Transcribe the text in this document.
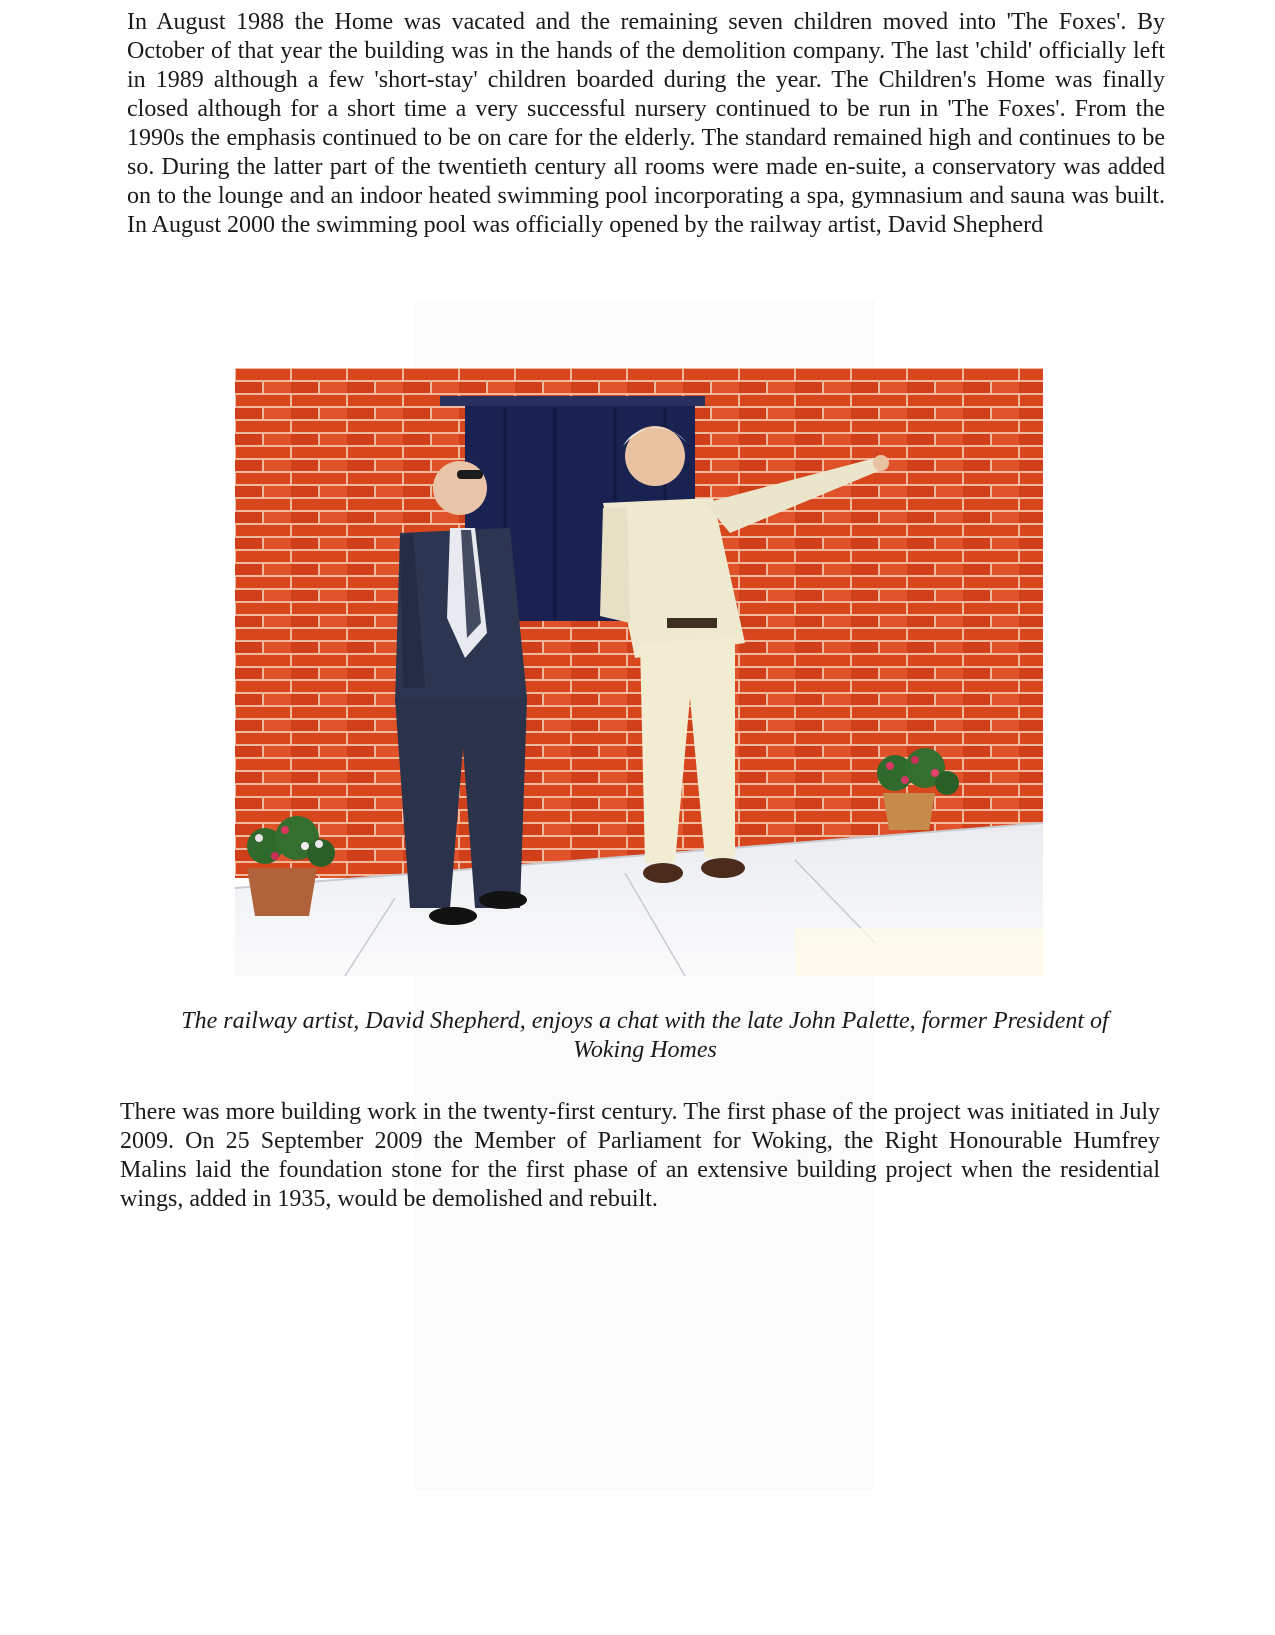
In August 1988 the Home was vacated and the remaining seven children moved into 'The Foxes'. By October of that year the building was in the hands of the demolition company. The last 'child' officially left in 1989 although a few 'short-stay' children boarded during the year. The Children's Home was finally closed although for a short time a very successful nursery continued to be run in 'The Foxes'. From the 1990s the emphasis continued to be on care for the elderly. The standard remained high and continues to be so. During the latter part of the twentieth century all rooms were made en-suite, a conservatory was added on to the lounge and an indoor heated swimming pool incorporating a spa, gymnasium and sauna was built. In August 2000 the swimming pool was officially opened by the railway artist, David Shepherd

The railway artist, David Shepherd, enjoys a chat with the late John Palette, former President of
Woking Homes

There was more building work in the twenty-first century. The first phase of the project was initiated in July 2009. On 25 September 2009 the Member of Parliament for Woking, the Right Honourable Humfrey Malins laid the foundation stone for the first phase of an extensive building project when the residential wings, added in 1935, would be demolished and rebuilt.
